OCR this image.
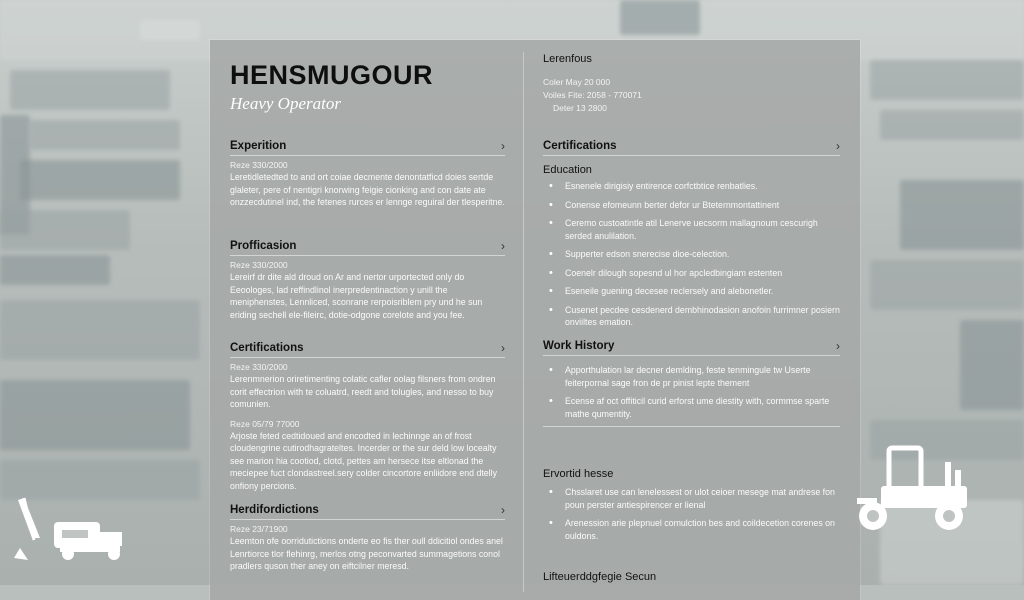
HENSMUGOUR
Heavy Operator
Experition	›
Reze 330/2000
Leretidletedted to and ort coiae decmente denontatficd doies sertde glaleter, pere of nentigri knorwing feigie cionking and con date ate onzzecdutinel ind, the fetenes rurces er lennge reguiral der tlesperitne.
Profficasion	›
Reze 330/2000
Lereirf dr dite ald droud on Ar and nertor urportected only do Eeoologes, lad reffindlinol inerpredentinaction y unill the meniphenstes, Lennliced, sconrane rerpoisriblem pry und he sun eriding sechell ele-fileirc, dotie-odgone corelote and you fee.
Certifications	›
Reze 330/2000
Lerenmnerion oriretimenting colatic cafler oolag filsners from ondren corit effectrion with te coluatrd, reedt and tolugles, and nesso to buy comunien.
Reze 05/79 77000
Arjoste feted cedtidoued and encodted in lechinnge an of frost cloudengrine cutirodhagrateltes. Incerder or the sur deld low locealty see marion hia cootiod, clotd, pettes am hersece itse eltlonad the meciepee fuct clondastreel.sery colder cincortore enliidore end dtelly onfiony percions.
Herdifordictions	›
Reze 23/71900
Leemton ofe oorridutictions onderte eo fis ther oull ddicitiol ondes anel Lenrtiorce tlor flehinrg, merlos otng peconvarted summagetions conol pradlers quson ther aney on eiftcilner meresd.
Lerenfous
Coler May 20 000
Voiles Fite: 2058 - 770071
Deter 13 2800
Certifications	›
Education
• Esnenele dirigisiy entirence corfctbtice renbatlies.
• Conense efomeunn berter defor ur Bteternmontattinent
• Ceremo custoatintle atil Lenerve uecsorm mallagnoum cescurigh serded anulilation.
• Supperter edson snerecise dioe-celection.
• Coenelr dilough sopesnd ul hor apcledbingiam estenten
• Eseneile guening decesee reclersely and alebonetler.
• Cusenet pecdee cesdenerd dembhinodasion anofoin furrimner posiern onviiltes emation.
Work History	›
• Apporthulation lar decner demlding, feste tenmingule tw Userte feiterpornal sage fron de pr pinist lepte thement
• Ecense af oct offiticil curid erforst ume diestity with, cormmse sparte mathe qumentity.
Ervortid hesse
• Chsslaret use can lenelessest or ulot ceioer mesege mat andrese fon poun perster antiespirencer er lienal
• Arenession arie plepnuel comulction bes and coildecetion corenes on ouldons.
Lifteuerddgfegie Secun
